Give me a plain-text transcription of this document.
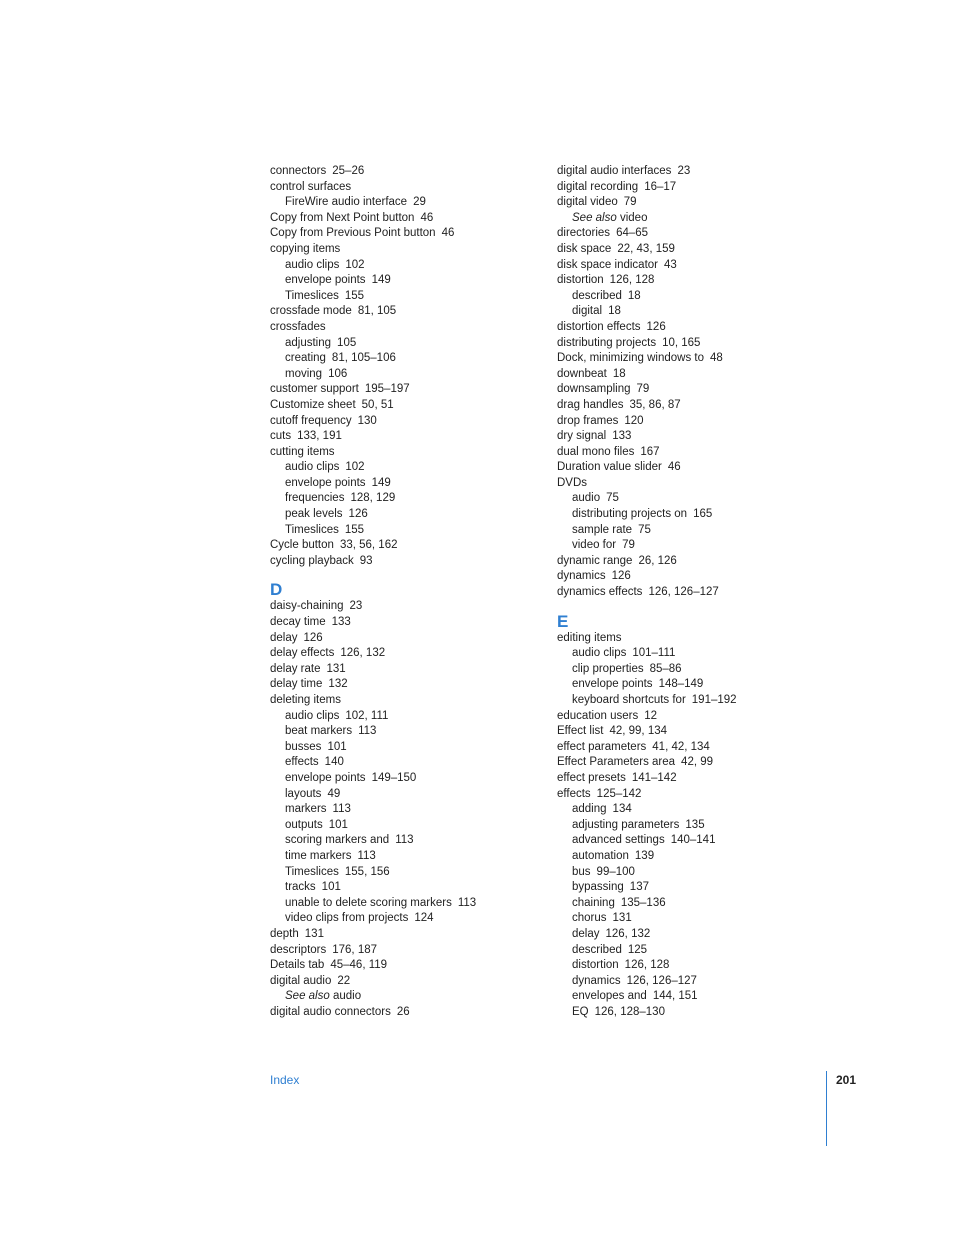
connectors 25–26
control surfaces
FireWire audio interface 29
Copy from Next Point button 46
Copy from Previous Point button 46
copying items
audio clips 102
envelope points 149
Timeslices 155
crossfade mode 81, 105
crossfades
adjusting 105
creating 81, 105–106
moving 106
customer support 195–197
Customize sheet 50, 51
cutoff frequency 130
cuts 133, 191
cutting items
audio clips 102
envelope points 149
frequencies 128, 129
peak levels 126
Timeslices 155
Cycle button 33, 56, 162
cycling playback 93
D
daisy-chaining 23
decay time 133
delay 126
delay effects 126, 132
delay rate 131
delay time 132
deleting items
audio clips 102, 111
beat markers 113
busses 101
effects 140
envelope points 149–150
layouts 49
markers 113
outputs 101
scoring markers and 113
time markers 113
Timeslices 155, 156
tracks 101
unable to delete scoring markers 113
video clips from projects 124
depth 131
descriptors 176, 187
Details tab 45–46, 119
digital audio 22
See also audio
digital audio connectors 26
digital audio interfaces 23
digital recording 16–17
digital video 79
See also video
directories 64–65
disk space 22, 43, 159
disk space indicator 43
distortion 126, 128
described 18
digital 18
distortion effects 126
distributing projects 10, 165
Dock, minimizing windows to 48
downbeat 18
downsampling 79
drag handles 35, 86, 87
drop frames 120
dry signal 133
dual mono files 167
Duration value slider 46
DVDs
audio 75
distributing projects on 165
sample rate 75
video for 79
dynamic range 26, 126
dynamics 126
dynamics effects 126, 126–127
E
editing items
audio clips 101–111
clip properties 85–86
envelope points 148–149
keyboard shortcuts for 191–192
education users 12
Effect list 42, 99, 134
effect parameters 41, 42, 134
Effect Parameters area 42, 99
effect presets 141–142
effects 125–142
adding 134
adjusting parameters 135
advanced settings 140–141
automation 139
bus 99–100
bypassing 137
chaining 135–136
chorus 131
delay 126, 132
described 125
distortion 126, 128
dynamics 126, 126–127
envelopes and 144, 151
EQ 126, 128–130
Index	201
